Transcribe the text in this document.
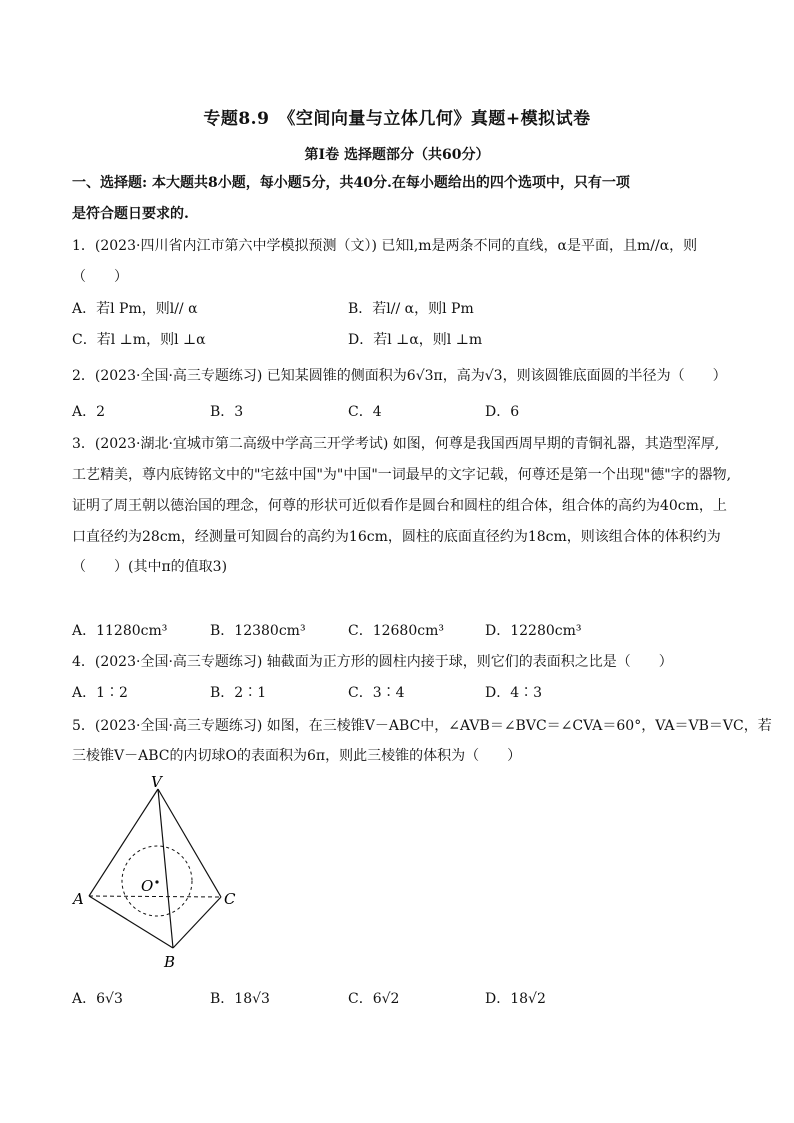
专题8.9　《空间向量与立体几何》真题+模拟试卷
第Ⅰ卷 选择题部分（共60分）
一、选择题: 本大题共8小题，每小题5分，共40分.在每小题给出的四个选项中，只有一项
是符合题日要求的.
1．(2023·四川省内江市第六中学模拟预测（文）) 已知l,m是两条不同的直线，α是平面，且m//α，则
（　　）
A．若l Pm，则l// α	B．若l// α，则l Pm
C．若l ⊥m，则l ⊥α	D．若l ⊥α，则l ⊥m
2．(2023·全国·高三专题练习) 已知某圆锥的侧面积为6√3π，高为√3，则该圆锥底面圆的半径为（　　）
A．2	B．3	C．4	D．6
3．(2023·湖北·宜城市第二高级中学高三开学考试) 如图，何尊是我国西周早期的青铜礼器，其造型浑厚,
工艺精美，尊内底铸铭文中的"宅兹中国"为"中国"一词最早的文字记载，何尊还是第一个出现"德"字的器物,
证明了周王朝以德治国的理念，何尊的形状可近似看作是圆台和圆柱的组合体，组合体的高约为40cm，上
口直径约为28cm，经测量可知圆台的高约为16cm，圆柱的底面直径约为18cm，则该组合体的体积约为
（　　）(其中π的值取3)
A．11280cm³	B．12380cm³	C．12680cm³	D．12280cm³
4．(2023·全国·高三专题练习) 轴截面为正方形的圆柱内接于球，则它们的表面积之比是（　　）
A．1∶2	B．2∶1	C．3∶4	D．4∶3
5．(2023·全国·高三专题练习) 如图，在三棱锥V－ABC中，∠AVB＝∠BVC＝∠CVA＝60°，VA＝VB＝VC，若
三棱锥V－ABC的内切球O的表面积为6π，则此三棱锥的体积为（　　）
V
A	C
B
O
A．6√3	B．18√3	C．6√2	D．18√2
